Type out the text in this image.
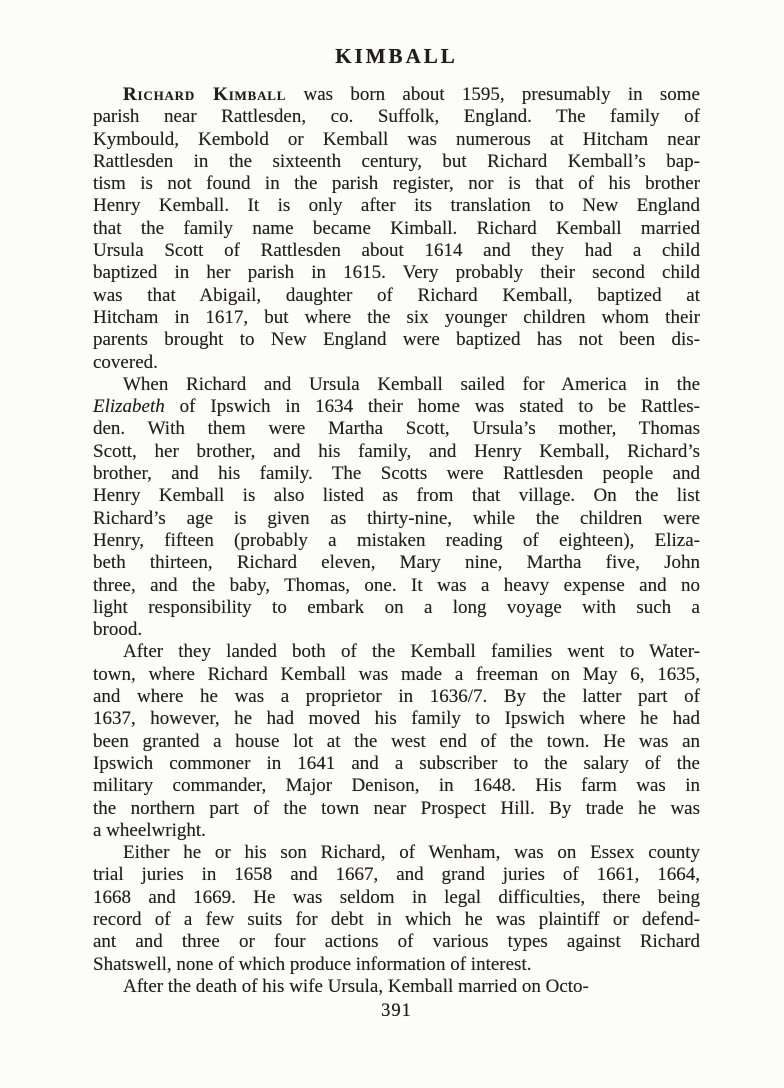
KIMBALL
Richard Kimball was born about 1595, presumably in some
parish near Rattlesden, co. Suffolk, England. The family of
Kymbould, Kembold or Kemball was numerous at Hitcham near
Rattlesden in the sixteenth century, but Richard Kemball’s bap-
tism is not found in the parish register, nor is that of his brother
Henry Kemball. It is only after its translation to New England
that the family name became Kimball. Richard Kemball married
Ursula Scott of Rattlesden about 1614 and they had a child
baptized in her parish in 1615. Very probably their second child
was that Abigail, daughter of Richard Kemball, baptized at
Hitcham in 1617, but where the six younger children whom their
parents brought to New England were baptized has not been dis-
covered.
When Richard and Ursula Kemball sailed for America in the
Elizabeth of Ipswich in 1634 their home was stated to be Rattles-
den. With them were Martha Scott, Ursula’s mother, Thomas
Scott, her brother, and his family, and Henry Kemball, Richard’s
brother, and his family. The Scotts were Rattlesden people and
Henry Kemball is also listed as from that village. On the list
Richard’s age is given as thirty-nine, while the children were
Henry, fifteen (probably a mistaken reading of eighteen), Eliza-
beth thirteen, Richard eleven, Mary nine, Martha five, John
three, and the baby, Thomas, one. It was a heavy expense and no
light responsibility to embark on a long voyage with such a
brood.
After they landed both of the Kemball families went to Water-
town, where Richard Kemball was made a freeman on May 6, 1635,
and where he was a proprietor in 1636/7. By the latter part of
1637, however, he had moved his family to Ipswich where he had
been granted a house lot at the west end of the town. He was an
Ipswich commoner in 1641 and a subscriber to the salary of the
military commander, Major Denison, in 1648. His farm was in
the northern part of the town near Prospect Hill. By trade he was
a wheelwright.
Either he or his son Richard, of Wenham, was on Essex county
trial juries in 1658 and 1667, and grand juries of 1661, 1664,
1668 and 1669. He was seldom in legal difficulties, there being
record of a few suits for debt in which he was plaintiff or defend-
ant and three or four actions of various types against Richard
Shatswell, none of which produce information of interest.
After the death of his wife Ursula, Kemball married on Octo-
391
